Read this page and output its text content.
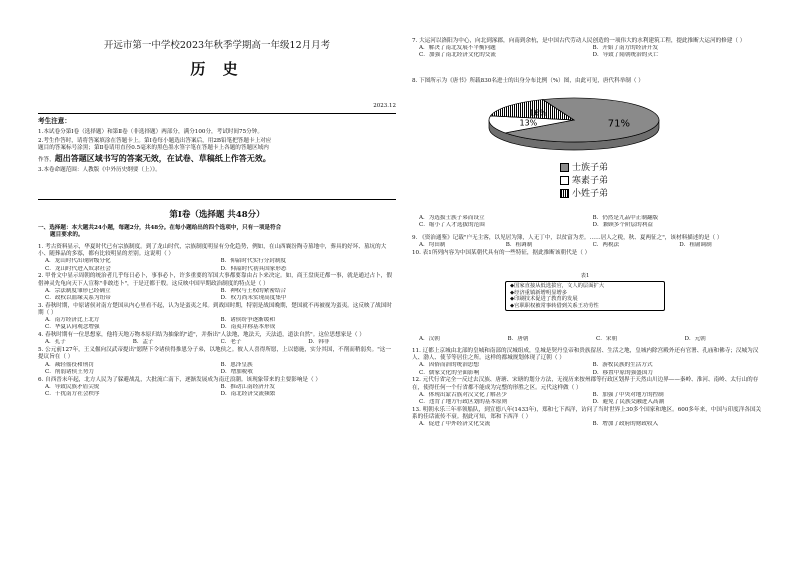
开远市第一中学校2023年秋季学期高一年级12月月考
历 史
2023.12

考生注意：

1.本试卷分第Ⅰ卷（选择题）和第Ⅱ卷（非选择题）两部分，满分100分，考试时间75分钟。

2.考生作答时，请将答案填涂在答题卡上。第Ⅰ卷每小题选出答案后，用2B铅笔把答题卡上对应

题目的答案标号涂黑；第Ⅱ卷请用直径0.5毫米的黑色墨水签字笔在答题卡上各题的答题区域内

作答，超出答题区域书写的答案无效，在试卷、草稿纸上作答无效。

3.本卷命题范围：人教版《中外历史纲要（上）》。

第Ⅰ卷（选择题 共48分）

一、选择题：本大题共24小题，每题2分，共48分。在每小题给出的四个选项中，只有一项是符合

题目要求的。

1. 考古资料显示，华夏时代已有宗族制度。到了龙山时代，宗族制度明显有分化趋势，例如，在山西襄汾陶寺墓地中，葬具的好坏、墓坑的大小、随葬品的多寡，都有比较明显的差别。这说明（ ）

A．龙山时代出现阶级分化	B．仰韶时代实行分封制度
C．龙山时代进入奴隶社会	D．仰韶时代初具国家形态

2. 甲骨文中显示周朝的统治者几乎每日必卜，事事必卜，许多重要的军国大事都要靠由占卜来决定。如，商王盘庚迁都一事，就是通过占卜，假借神灵先龟向天下人宣称"非敢违卜"，于是迁都于殷。这反映中国早期政治制度的特点是（ ）

A．宗法制度雏形已经确立	B．神权与王权的紧密结合
C．政权以血缘关系为纽带	D．权力尚未实现高度集中

3. 春秋时期，中原诸侯对南方楚国从内心里看不起，认为是蛮夷之邦。到战国时期，特别是战国晚期，楚国就不再被视为蛮夷。这反映了战国时期（ ）

A．南方经济比上北方	B．诸侯纷争逐渐缓和
C．华夏认同观念增强	D．南夷并称基本形成

4. 春秋时期有一位思想家，他将天地万物本原归结为抽象的"道"，并指出"人法地，地法天，天法道，道法自然"。这位思想家是（ ）

A．孔子	B．孟子	C．老子	D．韩非

5. 公元前127年，王义偃向汉武帝提出"愿陛下令诸侯得推恩分子弟，以地侯之。彼人人喜得所愿，上以德施，实分其国，不削而稍弱矣。"这一提议旨在（ ）

A．减轻徭役和刑罚	B．恩泽皇族
C．削弱诸侯王势力	D．增加税收

6. 自西晋末年起，北方人民为了躲避战乱，大批流亡南下，逐渐发展成为南迁浪潮。该现象带来的主要影响是（ ）

A．导致民族矛盾尖锐	B．推动江南经济开发
C．干扰南方社会秩序	D．南北经济交流频繁

7. 大运河以洛阳为中心，向北到涿郡，向南到余杭，是中国古代劳动人民创造的一项伟大的水利建筑工程，提此推断大运河的修建（ ）

A．解决了南北发展不平衡问题	B．开始了南方的经济开发
C．加强了南北经济文化的交流	D．导致了隋朝统治的灭亡

8. 下图所示为《唐书》所载830名进士的出身分布比例（%）图，由此可见，唐代科举制（ ）

71%
13%
16%
士族子弟
寒素子弟
小姓子弟
A．为选拔士族子弟而设立	B．仍然是九品中正制翻版
C．缩小了人才选拔的范围	D．兼顾多个阶层的利益

9. 《资治通鉴》记载"户无主客，以见居为簿，人无丁中，以贫富为差。……居人之税，秋、夏两征之"，该材料描述的是（ ）

A．均田制	B．租调制	C．两税法	D．租庸调制

10. 表1所列内容为中国某朝代具有的一些特征，据此推断该朝代是（ ）

表1
◆国家直接从低选拔官，文人的层面扩大
◆经济重镇新增明显增多
◆印刷技术促进了教育的发展
◆官职职权被常事转借到关系王功劳性
A．汉朝	B．唐朝	C．宋朝	D．元朝

11. 辽都上京城由北部的皇城和南部的汉城组成，皇城是契丹皇帝和贵族留居、生活之地，皇城内除宫殿外还有官署、孔庙和佛寺；汉城为汉人、渤人、使节等居住之所。这样的都城规划体现了辽朝（ ）

A．因俗而治的统治思想	B．游牧民族的生活方式
C．儒家文化的全面影响	D．移置中原的强盛国力

12. 元代行省完全一反过去汉族、唐瑭、宋瑭的划分方法，无视历来按州郡等行政区划界于天然山川边界——秦岭、淮河、南岭、太行山的存在，使得任何一个行省都不能成为完整的形胜之区。元代这样做（ ）

A．体现出蒙古族对汉文化了解甚少	B．加强了中央对地方的控制
C．违背了地方行政区划的基本原则	D．避免了民族交融进入高潮

13. 明朝永乐三年率领船队，到宣德八年(1433年)，郑和七下西洋，访问了当时世界上30多个国家和地区。600多年来，中国与印度洋各国关系的佳话流传不衰。据此可知，郑和下西洋（ ）

A．促进了中外经济文化交流	B．增加了政府的财政收入
